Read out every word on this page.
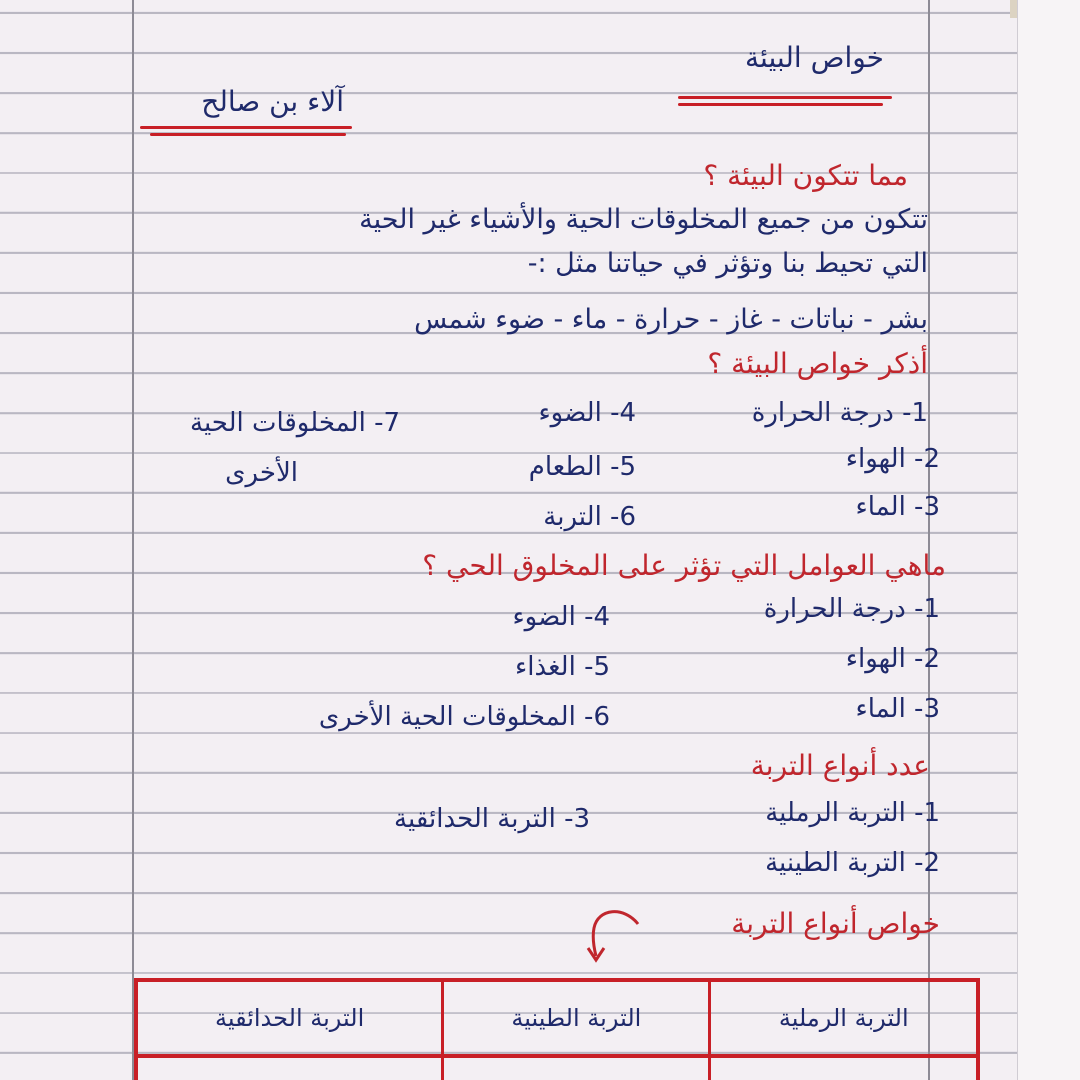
خواص البيئة
آلاء بن صالح
مما تتكون البيئة ؟
تتكون من جميع المخلوقات الحية والأشياء غير الحية
التي تحيط بنا وتؤثر في حياتنا مثل :-
بشر - نباتات - غاز - حرارة - ماء - ضوء شمس
أذكر خواص البيئة ؟
1- درجة الحرارة
2- الهواء
3- الماء
4- الضوء
5- الطعام
6- التربة
7- المخلوقات الحية
الأخرى
ماهي العوامل التي تؤثر على المخلوق الحي ؟
1- درجة الحرارة
2- الهواء
3- الماء
4- الضوء
5- الغذاء
6- المخلوقات الحية الأخرى
عدد أنواع التربة
1- التربة الرملية
2- التربة الطينية
3- التربة الحدائقية
خواص أنواع التربة
التربة الرملية	التربة الطينية	التربة الحدائقية
